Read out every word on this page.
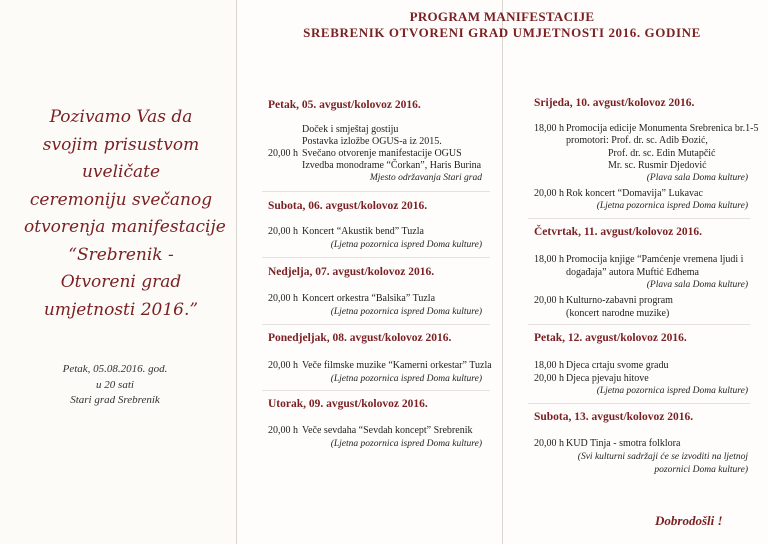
Pozivamo Vas da
svojim prisustvom
uveličate
ceremoniju svečanog
otvorenja manifestacije
“Srebrenik -
Otvoreni grad
umjetnosti 2016.”
Petak, 05.08.2016. god.
u 20 sati
Stari grad Srebrenik
PROGRAM MANIFESTACIJE
SREBRENIK OTVORENI GRAD UMJETNOSTI 2016. GODINE
Petak, 05. avgust/kolovoz 2016.
Doček i smještaj gostiju
Postavka izložbe OGUS-a iz 2015.
20,00 h Svečano otvorenje manifestacije OGUS
Izvedba monodrame “Čorkan”, Haris Burina
Mjesto održavanja Stari grad
Subota, 06. avgust/kolovoz 2016.
20,00 h Koncert “Akustik bend” Tuzla
(Ljetna pozornica ispred Doma kulture)
Nedjelja, 07. avgust/kolovoz 2016.
20,00 h Koncert orkestra “Balsika” Tuzla
(Ljetna pozornica ispred Doma kulture)
Ponedjeljak, 08. avgust/kolovoz 2016.
20,00 h Veče filmske muzike “Kamerni orkestar” Tuzla
(Ljetna pozornica ispred Doma kulture)
Utorak, 09. avgust/kolovoz 2016.
20,00 h Veče sevdaha “Sevdah koncept” Srebrenik
(Ljetna pozornica ispred Doma kulture)
Srijeda, 10. avgust/kolovoz 2016.
18,00 h Promocija edicije Monumenta Srebrenica br.1-5
promotori: Prof. dr. sc. Adib Đozić,
Prof. dr. sc. Edin Mutapčić
Mr. sc. Rusmir Djedović
(Plava sala Doma kulture)
20,00 h Rok koncert “Domavija” Lukavac
(Ljetna pozornica ispred Doma kulture)
Četvrtak, 11. avgust/kolovoz 2016.
18,00 h Promocija knjige “Pamćenje vremena ljudi i
događaja” autora Muftić Edhema
(Plava sala Doma kulture)
20,00 h Kulturno-zabavni program
(koncert narodne muzike)
Petak, 12. avgust/kolovoz 2016.
18,00 h Djeca crtaju svome gradu
20,00 h Djeca pjevaju hitove
(Ljetna pozornica ispred Doma kulture)
Subota, 13. avgust/kolovoz 2016.
20,00 h KUD Tinja - smotra folklora
(Svi kulturni sadržaji će se izvoditi na ljetnoj
pozornici Doma kulture)
Dobrodošli !
